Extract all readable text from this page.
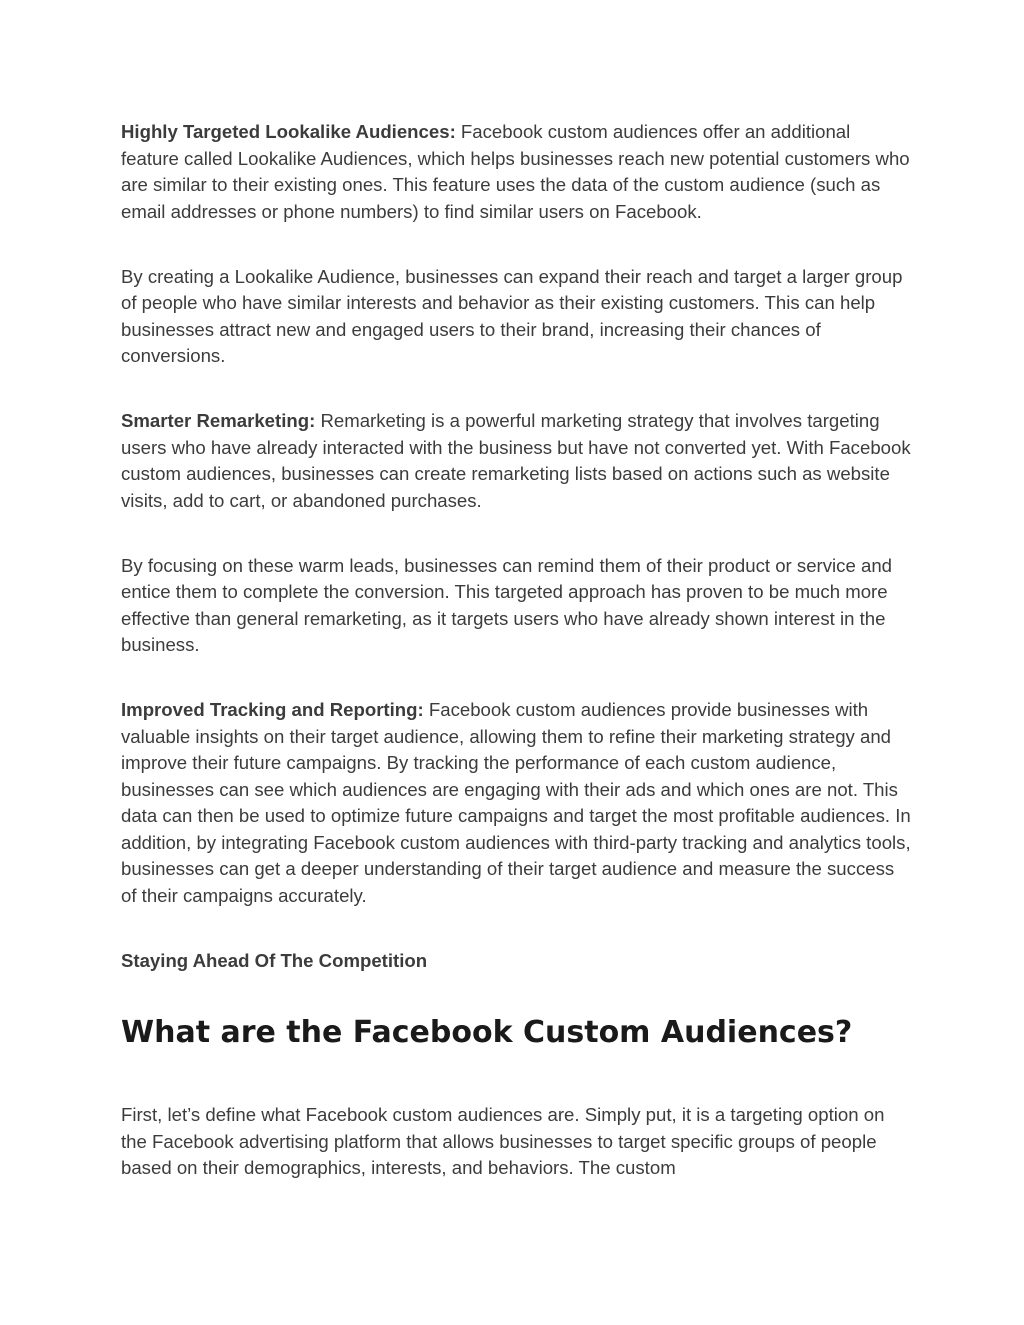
Highly Targeted Lookalike Audiences: Facebook custom audiences offer an additional feature called Lookalike Audiences, which helps businesses reach new potential customers who are similar to their existing ones. This feature uses the data of the custom audience (such as email addresses or phone numbers) to find similar users on Facebook.

By creating a Lookalike Audience, businesses can expand their reach and target a larger group of people who have similar interests and behavior as their existing customers. This can help businesses attract new and engaged users to their brand, increasing their chances of conversions.

Smarter Remarketing: Remarketing is a powerful marketing strategy that involves targeting users who have already interacted with the business but have not converted yet. With Facebook custom audiences, businesses can create remarketing lists based on actions such as website visits, add to cart, or abandoned purchases.

By focusing on these warm leads, businesses can remind them of their product or service and entice them to complete the conversion. This targeted approach has proven to be much more effective than general remarketing, as it targets users who have already shown interest in the business.

Improved Tracking and Reporting: Facebook custom audiences provide businesses with valuable insights on their target audience, allowing them to refine their marketing strategy and improve their future campaigns. By tracking the performance of each custom audience, businesses can see which audiences are engaging with their ads and which ones are not. This data can then be used to optimize future campaigns and target the most profitable audiences. In addition, by integrating Facebook custom audiences with third-party tracking and analytics tools, businesses can get a deeper understanding of their target audience and measure the success of their campaigns accurately.

Staying Ahead Of The Competition

What are the Facebook Custom Audiences?

First, let’s define what Facebook custom audiences are. Simply put, it is a targeting option on the Facebook advertising platform that allows businesses to target specific groups of people based on their demographics, interests, and behaviors. The custom
